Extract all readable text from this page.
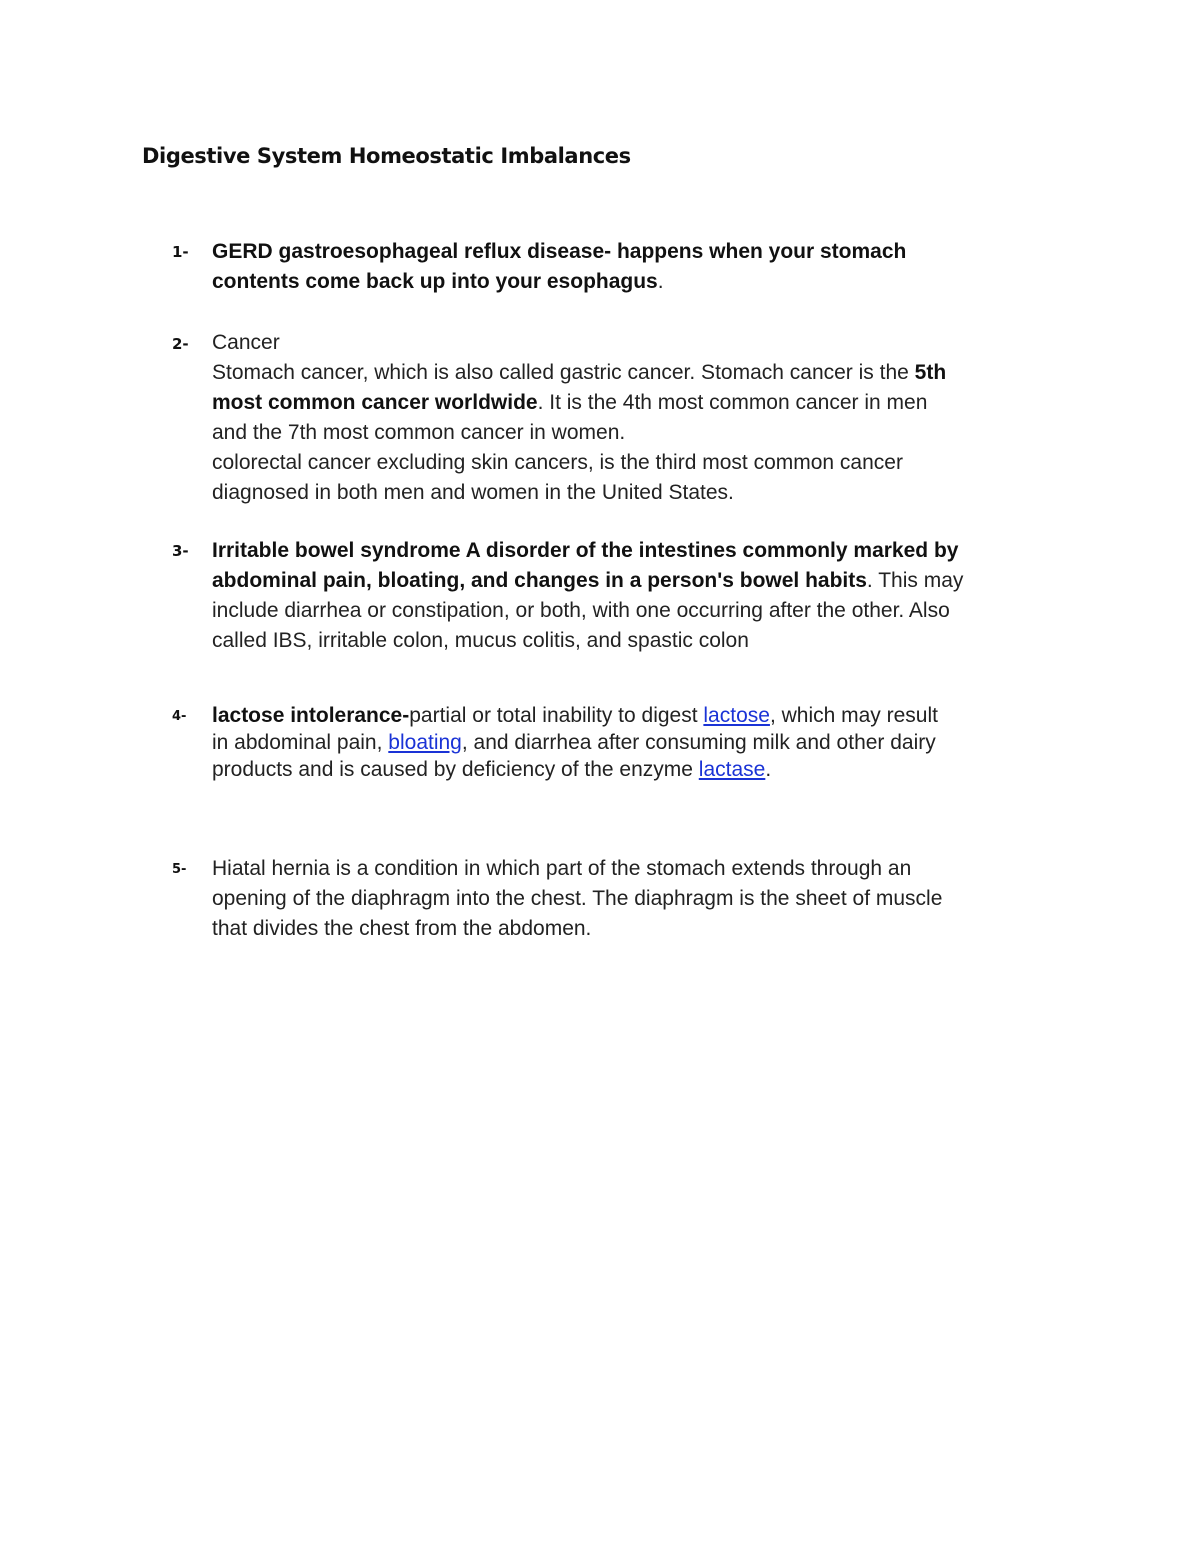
Digestive System Homeostatic Imbalances
1- GERD gastroesophageal reflux disease- happens when your stomach
contents come back up into your esophagus.
2- Cancer
Stomach cancer, which is also called gastric cancer. Stomach cancer is the 5th
most common cancer worldwide. It is the 4th most common cancer in men
and the 7th most common cancer in women.
colorectal cancer excluding skin cancers, is the third most common cancer
diagnosed in both men and women in the United States.
3- Irritable bowel syndrome A disorder of the intestines commonly marked by
abdominal pain, bloating, and changes in a person's bowel habits. This may
include diarrhea or constipation, or both, with one occurring after the other. Also
called IBS, irritable colon, mucus colitis, and spastic colon
4- lactose intolerance-partial or total inability to digest lactose, which may result
in abdominal pain, bloating, and diarrhea after consuming milk and other dairy
products and is caused by deficiency of the enzyme lactase.
5- Hiatal hernia is a condition in which part of the stomach extends through an
opening of the diaphragm into the chest. The diaphragm is the sheet of muscle
that divides the chest from the abdomen.
